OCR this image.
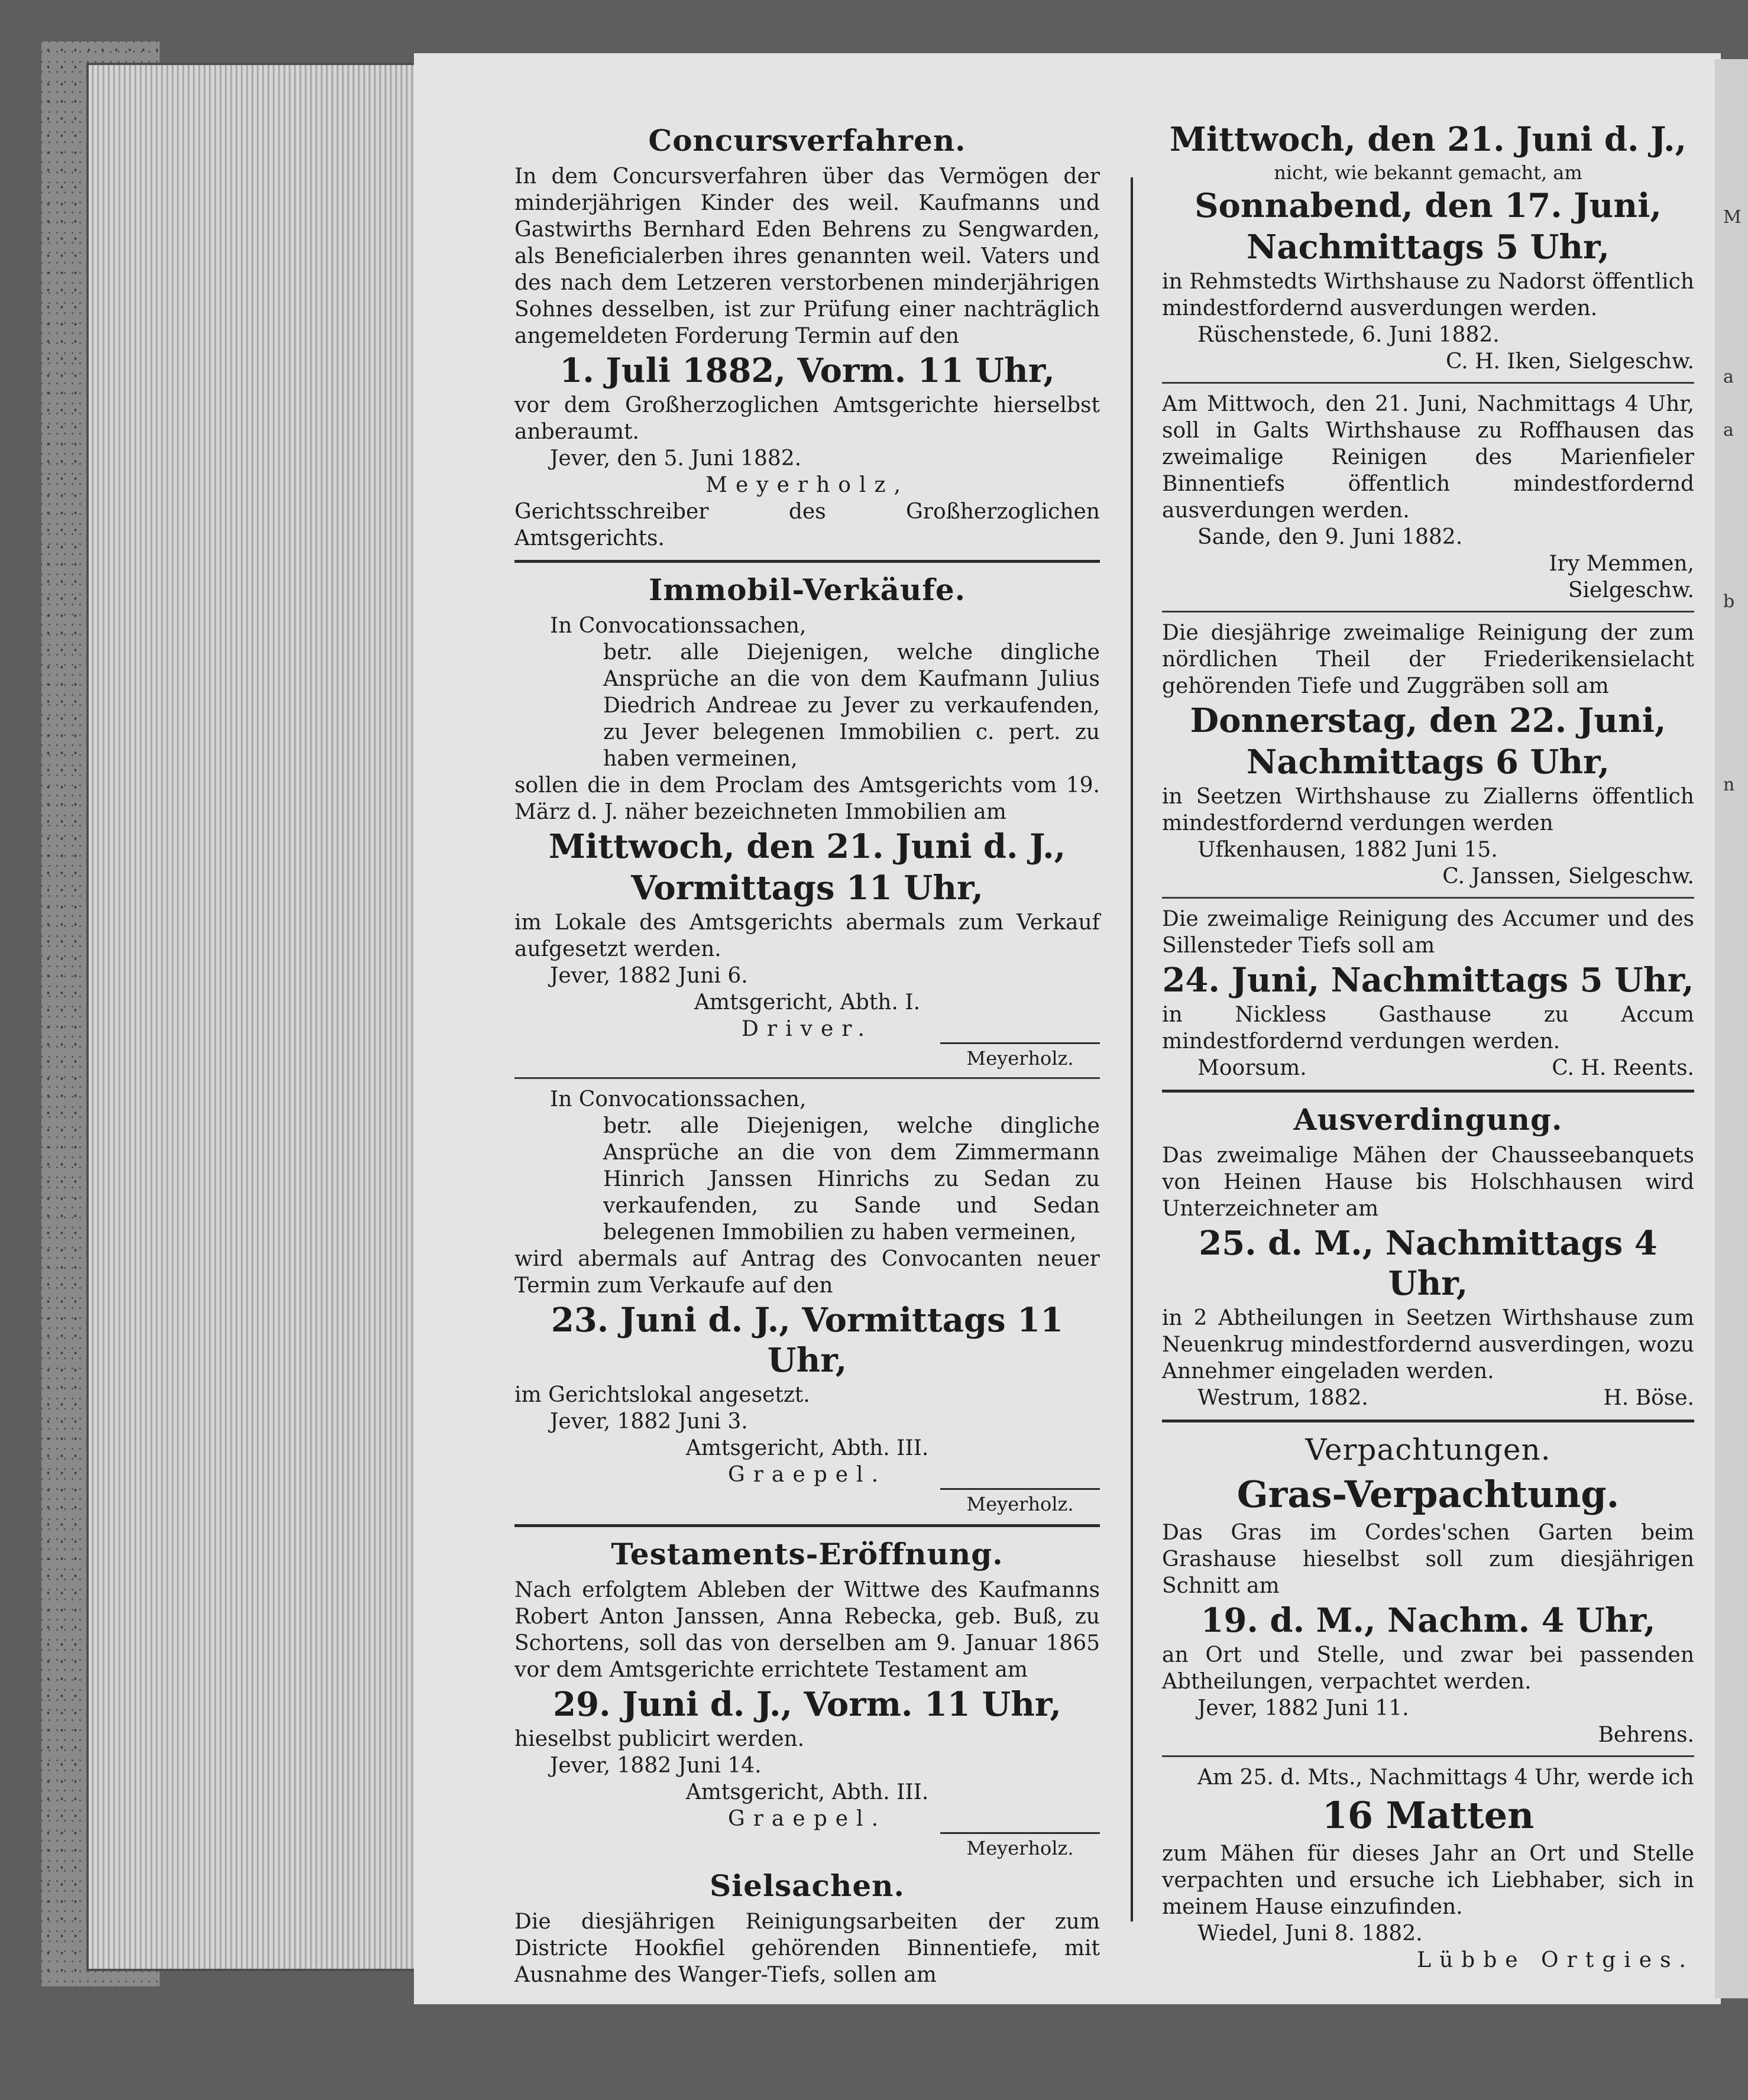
M
a
a
b
n
Concursverfahren.

In dem Concursverfahren über das Vermögen der minderjährigen Kinder des weil. Kaufmanns und Gastwirths Bernhard Eden Behrens zu Sengwarden, als Beneficialerben ihres genannten weil. Vaters und des nach dem Letzeren verstorbenen minderjährigen Sohnes desselben, ist zur Prüfung einer nachträglich angemeldeten Forderung Termin auf den

1. Juli 1882, Vorm. 11 Uhr,

vor dem Großherzoglichen Amtsgerichte hierselbst anberaumt.

Jever, den 5. Juni 1882.

Meyerholz,

Gerichtsschreiber des Großherzoglichen Amtsgerichts.

Immobil-Verkäufe.

In Convocationssachen,

betr. alle Diejenigen, welche dingliche Ansprüche an die von dem Kaufmann Julius Diedrich Andreae zu Jever zu verkaufenden, zu Jever belegenen Immobilien c. pert. zu haben vermeinen,

sollen die in dem Proclam des Amtsgerichts vom 19. März d. J. näher bezeichneten Immobilien am

Mittwoch, den 21. Juni d. J.,
Vormittags 11 Uhr,

im Lokale des Amtsgerichts abermals zum Verkauf aufgesetzt werden.

Jever, 1882 Juni 6.

Amtsgericht, Abth. I.

Driver.

Meyerholz.

In Convocationssachen,

betr. alle Diejenigen, welche dingliche Ansprüche an die von dem Zimmermann Hinrich Janssen Hinrichs zu Sedan zu verkaufenden, zu Sande und Sedan belegenen Immobilien zu haben vermeinen,

wird abermals auf Antrag des Convocanten neuer Termin zum Verkaufe auf den

23. Juni d. J., Vormittags 11 Uhr,

im Gerichtslokal angesetzt.

Jever, 1882 Juni 3.

Amtsgericht, Abth. III.

Graepel.

Meyerholz.
Testaments-Eröffnung.

Nach erfolgtem Ableben der Wittwe des Kaufmanns Robert Anton Janssen, Anna Rebecka, geb. Buß, zu Schortens, soll das von derselben am 9. Januar 1865 vor dem Amtsgerichte errichtete Testament am

29. Juni d. J., Vorm. 11 Uhr,

hieselbst publicirt werden.

Jever, 1882 Juni 14.

Amtsgericht, Abth. III.

Graepel.

Meyerholz.
Sielsachen.

Die diesjährigen Reinigungsarbeiten der zum Districte Hookfiel gehörenden Binnentiefe, mit Ausnahme des Wanger-Tiefs, sollen am

Mittwoch, den 21. Juni d. J.,

nicht, wie bekannt gemacht, am

Sonnabend, den 17. Juni,
Nachmittags 5 Uhr,

in Rehmstedts Wirthshause zu Nadorst öffentlich mindestfordernd ausverdungen werden.

Rüschenstede, 6. Juni 1882.

C. H. Iken, Sielgeschw.

Am Mittwoch, den 21. Juni, Nachmittags 4 Uhr, soll in Galts Wirthshause zu Roffhausen das zweimalige Reinigen des Marienfieler Binnentiefs öffentlich mindestfordernd ausverdungen werden.

Sande, den 9. Juni 1882.

Iry Memmen,

Sielgeschw.

Die diesjährige zweimalige Reinigung der zum nördlichen Theil der Friederikensielacht gehörenden Tiefe und Zuggräben soll am

Donnerstag, den 22. Juni,
Nachmittags 6 Uhr,

in Seetzen Wirthshause zu Ziallerns öffentlich mindestfordernd verdungen werden

Ufkenhausen, 1882 Juni 15.

C. Janssen, Sielgeschw.

Die zweimalige Reinigung des Accumer und des Sillensteder Tiefs soll am

24. Juni, Nachmittags 5 Uhr,

in Nickless Gasthause zu Accum mindestfordernd verdungen werden.

Moorsum.	C. H. Reents.
Ausverdingung.

Das zweimalige Mähen der Chausseebanquets von Heinen Hause bis Holschhausen wird Unterzeichneter am

25. d. M., Nachmittags 4 Uhr,

in 2 Abtheilungen in Seetzen Wirthshause zum Neuenkrug mindestfordernd ausverdingen, wozu Annehmer eingeladen werden.

Westrum, 1882.	H. Böse.
Verpachtungen.
Gras-Verpachtung.

Das Gras im Cordes'schen Garten beim Grashause hieselbst soll zum diesjährigen Schnitt am

19. d. M., Nachm. 4 Uhr,

an Ort und Stelle, und zwar bei passenden Abtheilungen, verpachtet werden.

Jever, 1882 Juni 11.

Behrens.

Am 25. d. Mts., Nachmittags 4 Uhr, werde ich

16 Matten

zum Mähen für dieses Jahr an Ort und Stelle verpachten und ersuche ich Liebhaber, sich in meinem Hause einzufinden.

Wiedel, Juni 8. 1882.

Lübbe Ortgies.
